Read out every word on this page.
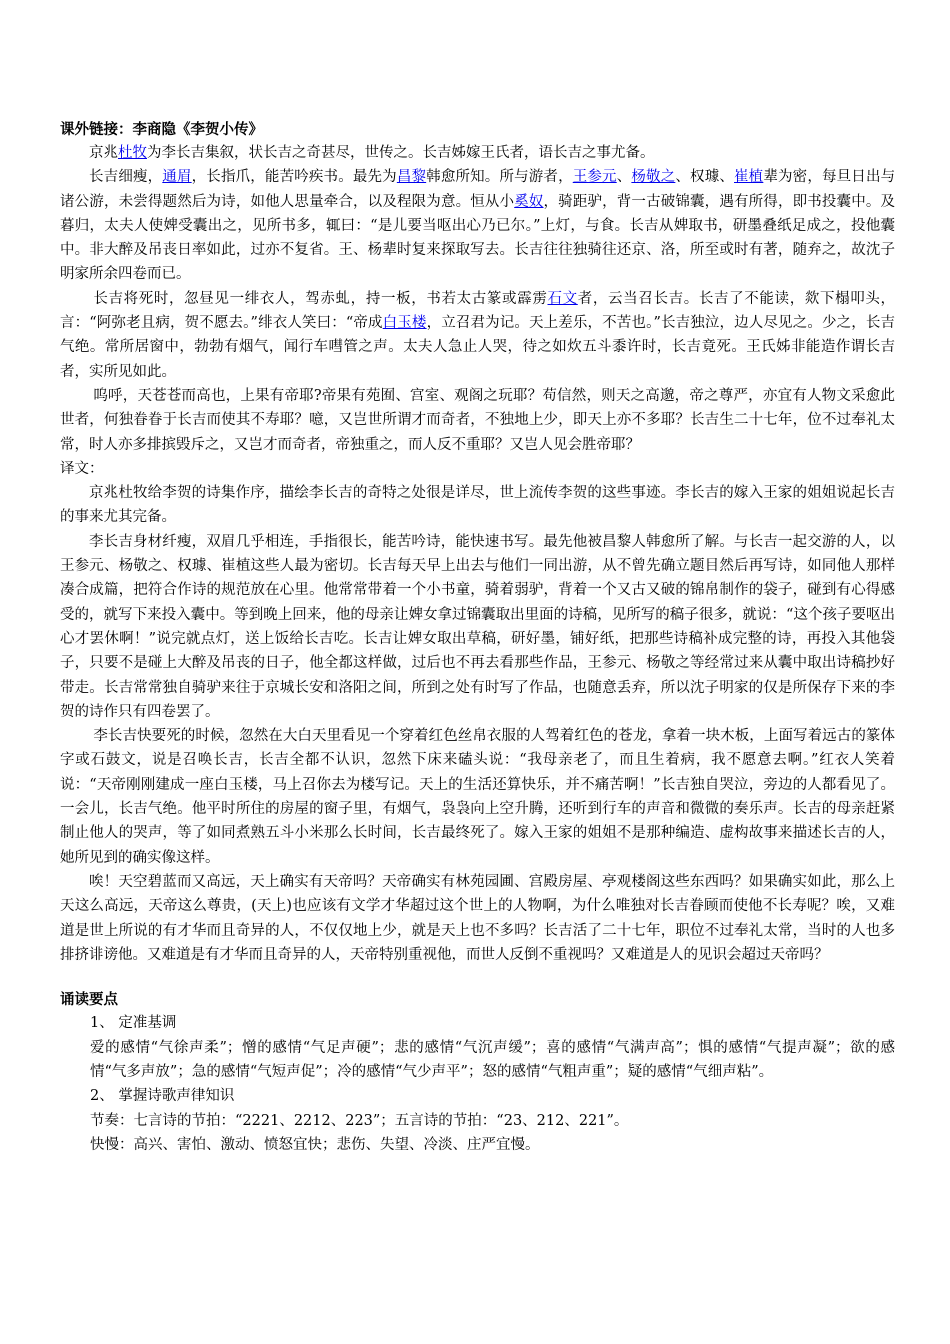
课外链接：李商隐《李贺小传》

京兆杜牧为李长吉集叙，状长吉之奇甚尽，世传之。长吉姊嫁王氏者，语长吉之事尤备。

长吉细瘦，通眉，长指爪，能苦吟疾书。最先为昌黎韩愈所知。所与游者，王参元、杨敬之、权璩、崔植辈为密，每旦日出与诸公游，未尝得题然后为诗，如他人思量牵合，以及程限为意。恒从小奚奴，骑距驴，背一古破锦囊，遇有所得，即书投囊中。及暮归，太夫人使婢受囊出之，见所书多，辄曰：“是儿要当呕出心乃已尔。”上灯，与食。长吉从婢取书，研墨叠纸足成之，投他囊中。非大醉及吊丧日率如此，过亦不复省。王、杨辈时复来探取写去。长吉往往独骑往还京、洛，所至或时有著，随弃之，故沈子明家所余四卷而已。

长吉将死时，忽昼见一绯衣人，驾赤虬，持一板，书若太古篆或霹雳石文者，云当召长吉。长吉了不能读，欻下榻叩头，言：“阿弥老且病，贺不愿去。”绯衣人笑曰：“帝成白玉楼，立召君为记。天上差乐，不苦也。”长吉独泣，边人尽见之。少之，长吉气绝。常所居窗中，勃勃有烟气，闻行车嘒管之声。太夫人急止人哭，待之如炊五斗黍许时，长吉竟死。王氏姊非能造作谓长吉者，实所见如此。

呜呼，天苍苍而高也，上果有帝耶?帝果有苑囿、宫室、观阁之玩耶？苟信然，则天之高邈，帝之尊严，亦宜有人物文采愈此世者，何独眷眷于长吉而使其不寿耶？噫，又岂世所谓才而奇者，不独地上少，即天上亦不多耶？长吉生二十七年，位不过奉礼太常，时人亦多排摈毁斥之，又岂才而奇者，帝独重之，而人反不重耶？又岂人见会胜帝耶？

译文：

京兆杜牧给李贺的诗集作序，描绘李长吉的奇特之处很是详尽，世上流传李贺的这些事迹。李长吉的嫁入王家的姐姐说起长吉的事来尤其完备。

李长吉身材纤瘦，双眉几乎相连，手指很长，能苦吟诗，能快速书写。最先他被昌黎人韩愈所了解。与长吉一起交游的人，以王参元、杨敬之、权璩、崔植这些人最为密切。长吉每天早上出去与他们一同出游，从不曾先确立题目然后再写诗，如同他人那样凑合成篇，把符合作诗的规范放在心里。他常常带着一个小书童，骑着弱驴，背着一个又古又破的锦帛制作的袋子，碰到有心得感受的，就写下来投入囊中。等到晚上回来，他的母亲让婢女拿过锦囊取出里面的诗稿，见所写的稿子很多，就说：“这个孩子要呕出心才罢休啊！”说完就点灯，送上饭给长吉吃。长吉让婢女取出草稿，研好墨，铺好纸，把那些诗稿补成完整的诗，再投入其他袋子，只要不是碰上大醉及吊丧的日子，他全都这样做，过后也不再去看那些作品，王参元、杨敬之等经常过来从囊中取出诗稿抄好带走。长吉常常独自骑驴来往于京城长安和洛阳之间，所到之处有时写了作品，也随意丢弃，所以沈子明家的仅是所保存下来的李贺的诗作只有四卷罢了。

李长吉快要死的时候，忽然在大白天里看见一个穿着红色丝帛衣服的人驾着红色的苍龙，拿着一块木板，上面写着远古的篆体字或石鼓文，说是召唤长吉，长吉全都不认识，忽然下床来磕头说：“我母亲老了，而且生着病，我不愿意去啊。”红衣人笑着说：“天帝刚刚建成一座白玉楼，马上召你去为楼写记。天上的生活还算快乐，并不痛苦啊！”长吉独自哭泣，旁边的人都看见了。一会儿，长吉气绝。他平时所住的房屋的窗子里，有烟气，袅袅向上空升腾，还听到行车的声音和微微的奏乐声。长吉的母亲赶紧制止他人的哭声，等了如同煮熟五斗小米那么长时间，长吉最终死了。嫁入王家的姐姐不是那种编造、虚构故事来描述长吉的人，她所见到的确实像这样。

唉！天空碧蓝而又高远，天上确实有天帝吗？天帝确实有林苑园圃、宫殿房屋、亭观楼阁这些东西吗？如果确实如此，那么上天这么高远，天帝这么尊贵，(天上)也应该有文学才华超过这个世上的人物啊，为什么唯独对长吉眷顾而使他不长寿呢？唉，又难道是世上所说的有才华而且奇异的人，不仅仅地上少，就是天上也不多吗？长吉活了二十七年，职位不过奉礼太常，当时的人也多排挤诽谤他。又难道是有才华而且奇异的人，天帝特别重视他，而世人反倒不重视吗？又难道是人的见识会超过天帝吗？

诵读要点

1、 定准基调

爱的感情“气徐声柔”；憎的感情“气足声硬”；悲的感情“气沉声缓”；喜的感情“气满声高”；惧的感情“气提声凝”；欲的感情“气多声放”；急的感情“气短声促”；冷的感情“气少声平”；怒的感情“气粗声重”；疑的感情“气细声粘”。

2、 掌握诗歌声律知识

节奏：七言诗的节拍：“2221、2212、223”；五言诗的节拍：“23、212、221”。

快慢：高兴、害怕、激动、愤怒宜快；悲伤、失望、冷淡、庄严宜慢。
